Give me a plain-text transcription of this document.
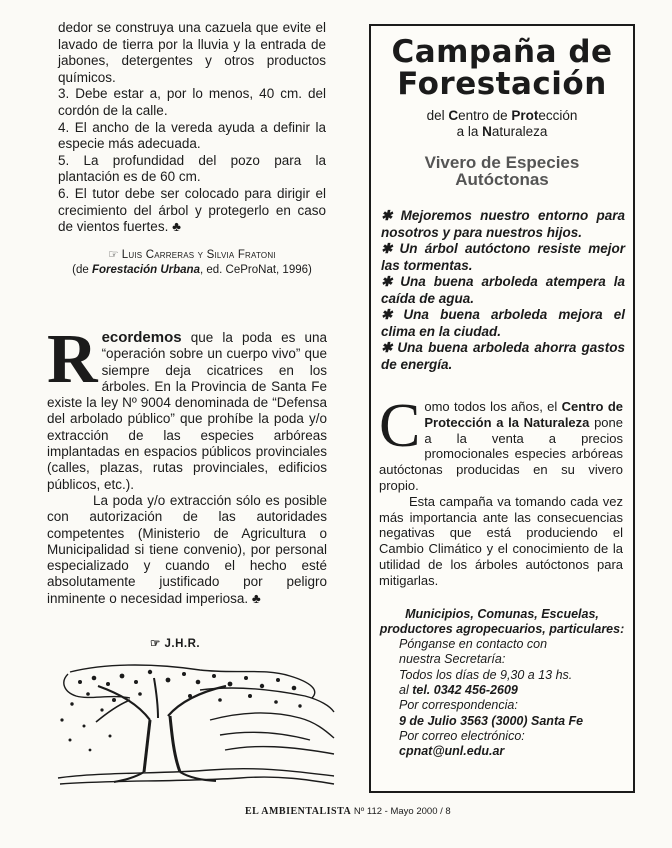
dedor se construya una cazuela que evite el lavado de tierra por la lluvia y la entrada de jabones, detergentes y otros productos químicos.
3. Debe estar a, por lo menos, 40 cm. del cordón de la calle.
4. El ancho de la vereda ayuda a definir la especie más adecuada.
5. La profundidad del pozo para la plantación es de 60 cm.
6. El tutor debe ser colocado para dirigir el crecimiento del árbol y protegerlo en caso de vientos fuertes. ♣

☞ Luis Carreras y Silvia Fratoni
(de Forestación Urbana, ed. CeProNat, 1996)

Recordemos que la poda es una “operación sobre un cuerpo vivo” que siempre deja cicatrices en los árboles. En la Provincia de Santa Fe existe la ley Nº 9004 denominada de “Defensa del arbolado público” que prohíbe la poda y/o extracción de las especies arbóreas implantadas en espacios públicos provinciales (calles, plazas, rutas provinciales, edificios públicos, etc.).

La poda y/o extracción sólo es posible con autorización de las autoridades competentes (Ministerio de Agricultura o Municipalidad si tiene convenio), por personal especializado y cuando el hecho esté absolutamente justificado por peligro inminente o necesidad imperiosa. ♣

☞ J.H.R.
Campaña de
Forestación
del Centro de Protección
a la Naturaleza
Vivero de Especies
Autóctonas

✱ Mejoremos nuestro entorno para nosotros y para nuestros hijos.

✱ Un árbol autóctono resiste mejor las tormentas.

✱ Una buena arboleda atempera la caída de agua.

✱ Una buena arboleda mejora el clima en la ciudad.

✱ Una buena arboleda ahorra gastos de energía.

Como todos los años, el Centro de Protección a la Naturaleza pone a la venta a precios promocionales especies arbóreas autóctonas producidas en su vivero propio.

Esta campaña va tomando cada vez más importancia ante las consecuencias negativas que está produciendo el Cambio Climático y el conocimiento de la utilidad de los árboles autóctonos para mitigarlas.

Municipios, Comunas, Escuelas, productores agropecuarios, particulares:
Pónganse en contacto con
nuestra Secretaría:
Todos los días de 9,30 a 13 hs.
al tel. 0342 456-2609
Por correspondencia:
9 de Julio 3563 (3000) Santa Fe
Por correo electrónico:
cpnat@unl.edu.ar
EL AMBIENTALISTA Nº 112 - Mayo 2000 / 8
